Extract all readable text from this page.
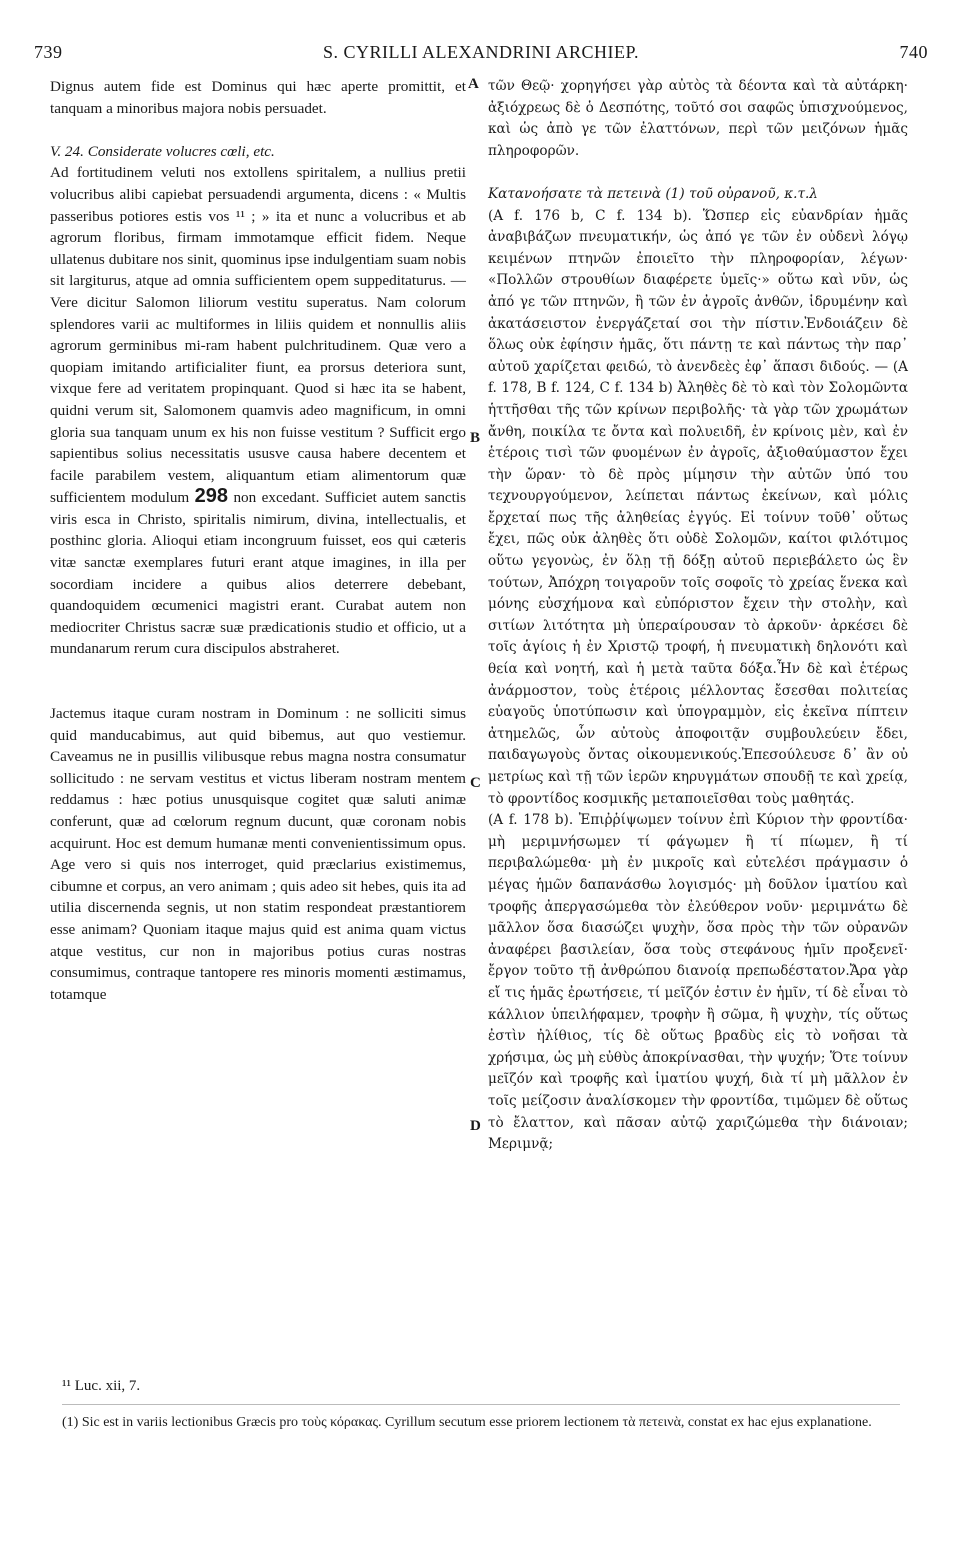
739	S. CYRILLI ALEXANDRINI ARCHIEP.	740

Dignus autem fide est Dominus qui hæc aperte promittit, et tanquam a minoribus majora nobis persuadet.

V. 24. Considerate volucres cœli, etc.

Ad fortitudinem veluti nos extollens spiritalem, a nullius pretii volucribus alibi capiebat persuadendi argumenta, dicens : « Multis passeribus potiores estis vos ¹¹ ; » ita et nunc a volucribus et ab agrorum floribus, firmam immotamque efficit fidem. Neque ullatenus dubitare nos sinit, quominus ipse indulgentiam suam nobis sit largiturus, atque ad omnia sufficientem opem suppeditaturus. — Vere dicitur Salomon liliorum vestitu superatus. Nam colorum splendores varii ac multiformes in liliis quidem et nonnullis aliis agrorum germinibus mi-ram habent pulchritudinem. Quæ vero a quopiam imitando artificialiter fiunt, ea prorsus deteriora sunt, vixque fere ad veritatem propinquant. Quod si hæc ita se habent, quidni verum sit, Salomonem quamvis adeo magnificum, in omni gloria sua tanquam unum ex his non fuisse vestitum ? Sufficit ergo sapientibus solius necessitatis ususve causa habere decentem et facile parabilem vestem, aliquantum etiam alimentorum quæ sufficientem modulum 298 non excedant. Sufficiet autem sanctis viris esca in Christo, spiritalis nimirum, divina, intellectualis, et posthinc gloria. Alioqui etiam incongruum fuisset, eos qui cæteris vitæ sanctæ exemplares futuri erant atque imagines, in illa per socordiam incidere a quibus alios deterrere debebant, quandoquidem œcumenici magistri erant. Curabat autem non mediocriter Christus sacræ suæ prædicationis studio et officio, ut a mundanarum rerum cura discipulos abstraheret.

Jactemus itaque curam nostram in Dominum : ne solliciti simus quid manducabimus, aut quid bibemus, aut quo vestiemur. Caveamus ne in pusillis vilibusque rebus magna nostra consumatur sollicitudo : ne servam vestitus et victus liberam nostram mentem reddamus : hæc potius unusquisque cogitet quæ saluti animæ conferunt, quæ ad cœlorum regnum ducunt, quæ coronam nobis acquirunt. Hoc est demum humanæ menti convenientissimum opus. Age vero si quis nos interroget, quid præclarius existimemus, cibumne et corpus, an vero animam ; quis adeo sit hebes, quis ita ad utilia discernenda segnis, ut non statim respondeat præstantiorem esse animam? Quoniam itaque majus quid est anima quam victus atque vestitus, cur non in majoribus potius curas nostras consumimus, contraque tantopere res minoris momenti æstimamus, totamque

A
B
C
D

τῶν Θεῷ· χορηγήσει γὰρ αὐτὸς τὰ δέοντα καὶ τὰ αὐτάρκη· ἀξιόχρεως δὲ ὁ Δεσπότης, τοῦτό σοι σαφῶς ὑπισχνούμενος, καὶ ὡς ἀπὸ γε τῶν ἐλαττόνων, περὶ τῶν μειζόνων ἡμᾶς πληροφορῶν.

Κατανοήσατε τὰ πετεινὰ (1) τοῦ οὐρανοῦ, κ.τ.λ

(A f. 176 b, C f. 134 b). Ὥσπερ εἰς εὐανδρίαν ἡμᾶς ἀναβιβάζων πνευματικήν, ὡς ἀπό γε τῶν ἐν οὐδενὶ λόγῳ κειμένων πτηνῶν ἐποιεῖτο τὴν πληροφορίαν, λέγων· «Πολλῶν στρουθίων διαφέρετε ὑμεῖς·» οὕτω καὶ νῦν, ὡς ἀπό γε τῶν πτηνῶν, ἢ τῶν ἐν ἀγροῖς ἀνθῶν, ἱδρυμένην καὶ ἀκατάσειστον ἐνεργάζεταί σοι τὴν πίστιν.Ἐνδοιάζειν δὲ ὅλως οὐκ ἐφίησιν ἡμᾶς, ὅτι πάντῃ τε καὶ πάντως τὴν παρ᾽ αὐτοῦ χαρίζεται φειδώ, τὸ ἀνενδεὲς ἐφ᾽ ἅπασι διδούς. — (A f. 178, B f. 124, C f. 134 b) Ἀληθὲς δὲ τὸ καὶ τὸν Σολομῶντα ἡττῆσθαι τῆς τῶν κρίνων περιβολῆς· τὰ γὰρ τῶν χρωμάτων ἄνθη, ποικίλα τε ὄντα καὶ πολυειδῆ, ἐν κρίνοις μὲν, καὶ ἐν ἑτέροις τισὶ τῶν φυομένων ἐν ἀγροῖς, ἀξιοθαύμαστον ἔχει τὴν ὥραν· τὸ δὲ πρὸς μίμησιν τὴν αὐτῶν ὑπό του τεχνουργούμενον, λείπεται πάντως ἐκείνων, καὶ μόλις ἔρχεταί πως τῆς ἀληθείας ἐγγύς. Εἰ τοίνυν τοῦθ᾽ οὕτως ἔχει, πῶς οὐκ ἀληθὲς ὅτι οὐδὲ Σολομῶν, καίτοι φιλότιμος οὕτω γεγονὼς, ἐν ὅλῃ τῇ δόξῃ αὐτοῦ περιεβάλετο ὡς ἓν τούτων, Ἀπόχρη τοιγαροῦν τοῖς σοφοῖς τὸ χρείας ἕνεκα καὶ μόνης εὐσχήμονα καὶ εὐπόριστον ἔχειν τὴν στολὴν, καὶ σιτίων λιτότητα μὴ ὑπεραίρουσαν τὸ ἀρκοῦν· ἀρκέσει δὲ τοῖς ἁγίοις ἡ ἐν Χριστῷ τροφή, ἡ πνευματικὴ δηλονότι καὶ θεία καὶ νοητή, καὶ ἡ μετὰ ταῦτα δόξα.Ἦν δὲ καὶ ἑτέρως ἀνάρμοστον, τοὺς ἑτέροις μέλλοντας ἔσεσθαι πολιτείας εὐαγοῦς ὑποτύπωσιν καὶ ὑπογραμμὸν, εἰς ἐκεῖνα πίπτειν ἀτημελῶς, ὧν αὐτοὺς ἀποφοιτᾷν συμβουλεύειν ἔδει, παιδαγωγοὺς ὄντας οἰκουμενικούς.Ἐπεσούλευσε δ᾽ ἂν οὐ μετρίως καὶ τῇ τῶν ἱερῶν κηρυγμάτων σπουδῇ τε καὶ χρείᾳ, τὸ φροντίδος κοσμικῆς μεταποιεῖσθαι τοὺς μαθητάς.

(A f. 178 b). Ἐπιῤῥίψωμεν τοίνυν ἐπὶ Κύριον τὴν φροντίδα· μὴ μεριμνήσωμεν τί φάγωμεν ἢ τί πίωμεν, ἢ τί περιβαλώμεθα· μὴ ἐν μικροῖς καὶ εὐτελέσι πράγμασιν ὁ μέγας ἡμῶν δαπανάσθω λογισμός· μὴ δοῦλον ἱματίου καὶ τροφῆς ἀπεργασώμεθα τὸν ἐλεύθερον νοῦν· μεριμνάτω δὲ μᾶλλον ὅσα διασώζει ψυχὴν, ὅσα πρὸς τὴν τῶν οὐρανῶν ἀναφέρει βασιλείαν, ὅσα τοὺς στεφάνους ἡμῖν προξενεῖ· ἔργον τοῦτο τῇ ἀνθρώπου διανοίᾳ πρεπωδέστατον.Ἄρα γὰρ εἴ τις ἡμᾶς ἐρωτήσειε, τί μεῖζόν ἐστιν ἐν ἡμῖν, τί δὲ εἶναι τὸ κάλλιον ὑπειλήφαμεν, τροφὴν ἢ σῶμα, ἢ ψυχὴν, τίς οὕτως ἐστὶν ἠλίθιος, τίς δὲ οὕτως βραδὺς εἰς τὸ νοῆσαι τὰ χρήσιμα, ὡς μὴ εὐθὺς ἀποκρίνασθαι, τὴν ψυχήν; Ὅτε τοίνυν μεῖζόν καὶ τροφῆς καὶ ἱματίου ψυχή, διὰ τί μὴ μᾶλλον ἐν τοῖς μείζοσιν ἀναλίσκομεν τὴν φροντίδα, τιμῶμεν δὲ οὕτως τὸ ἔλαττον, καὶ πᾶσαν αὐτῷ χαριζώμεθα τὴν διάνοιαν; Μεριμνᾷ;

¹¹ Luc. xii, 7.
(1) Sic est in variis lectionibus Græcis pro τοὺς κόρακας. Cyrillum secutum esse priorem lectionem τὰ πετεινὰ, constat ex hac ejus explanatione.
